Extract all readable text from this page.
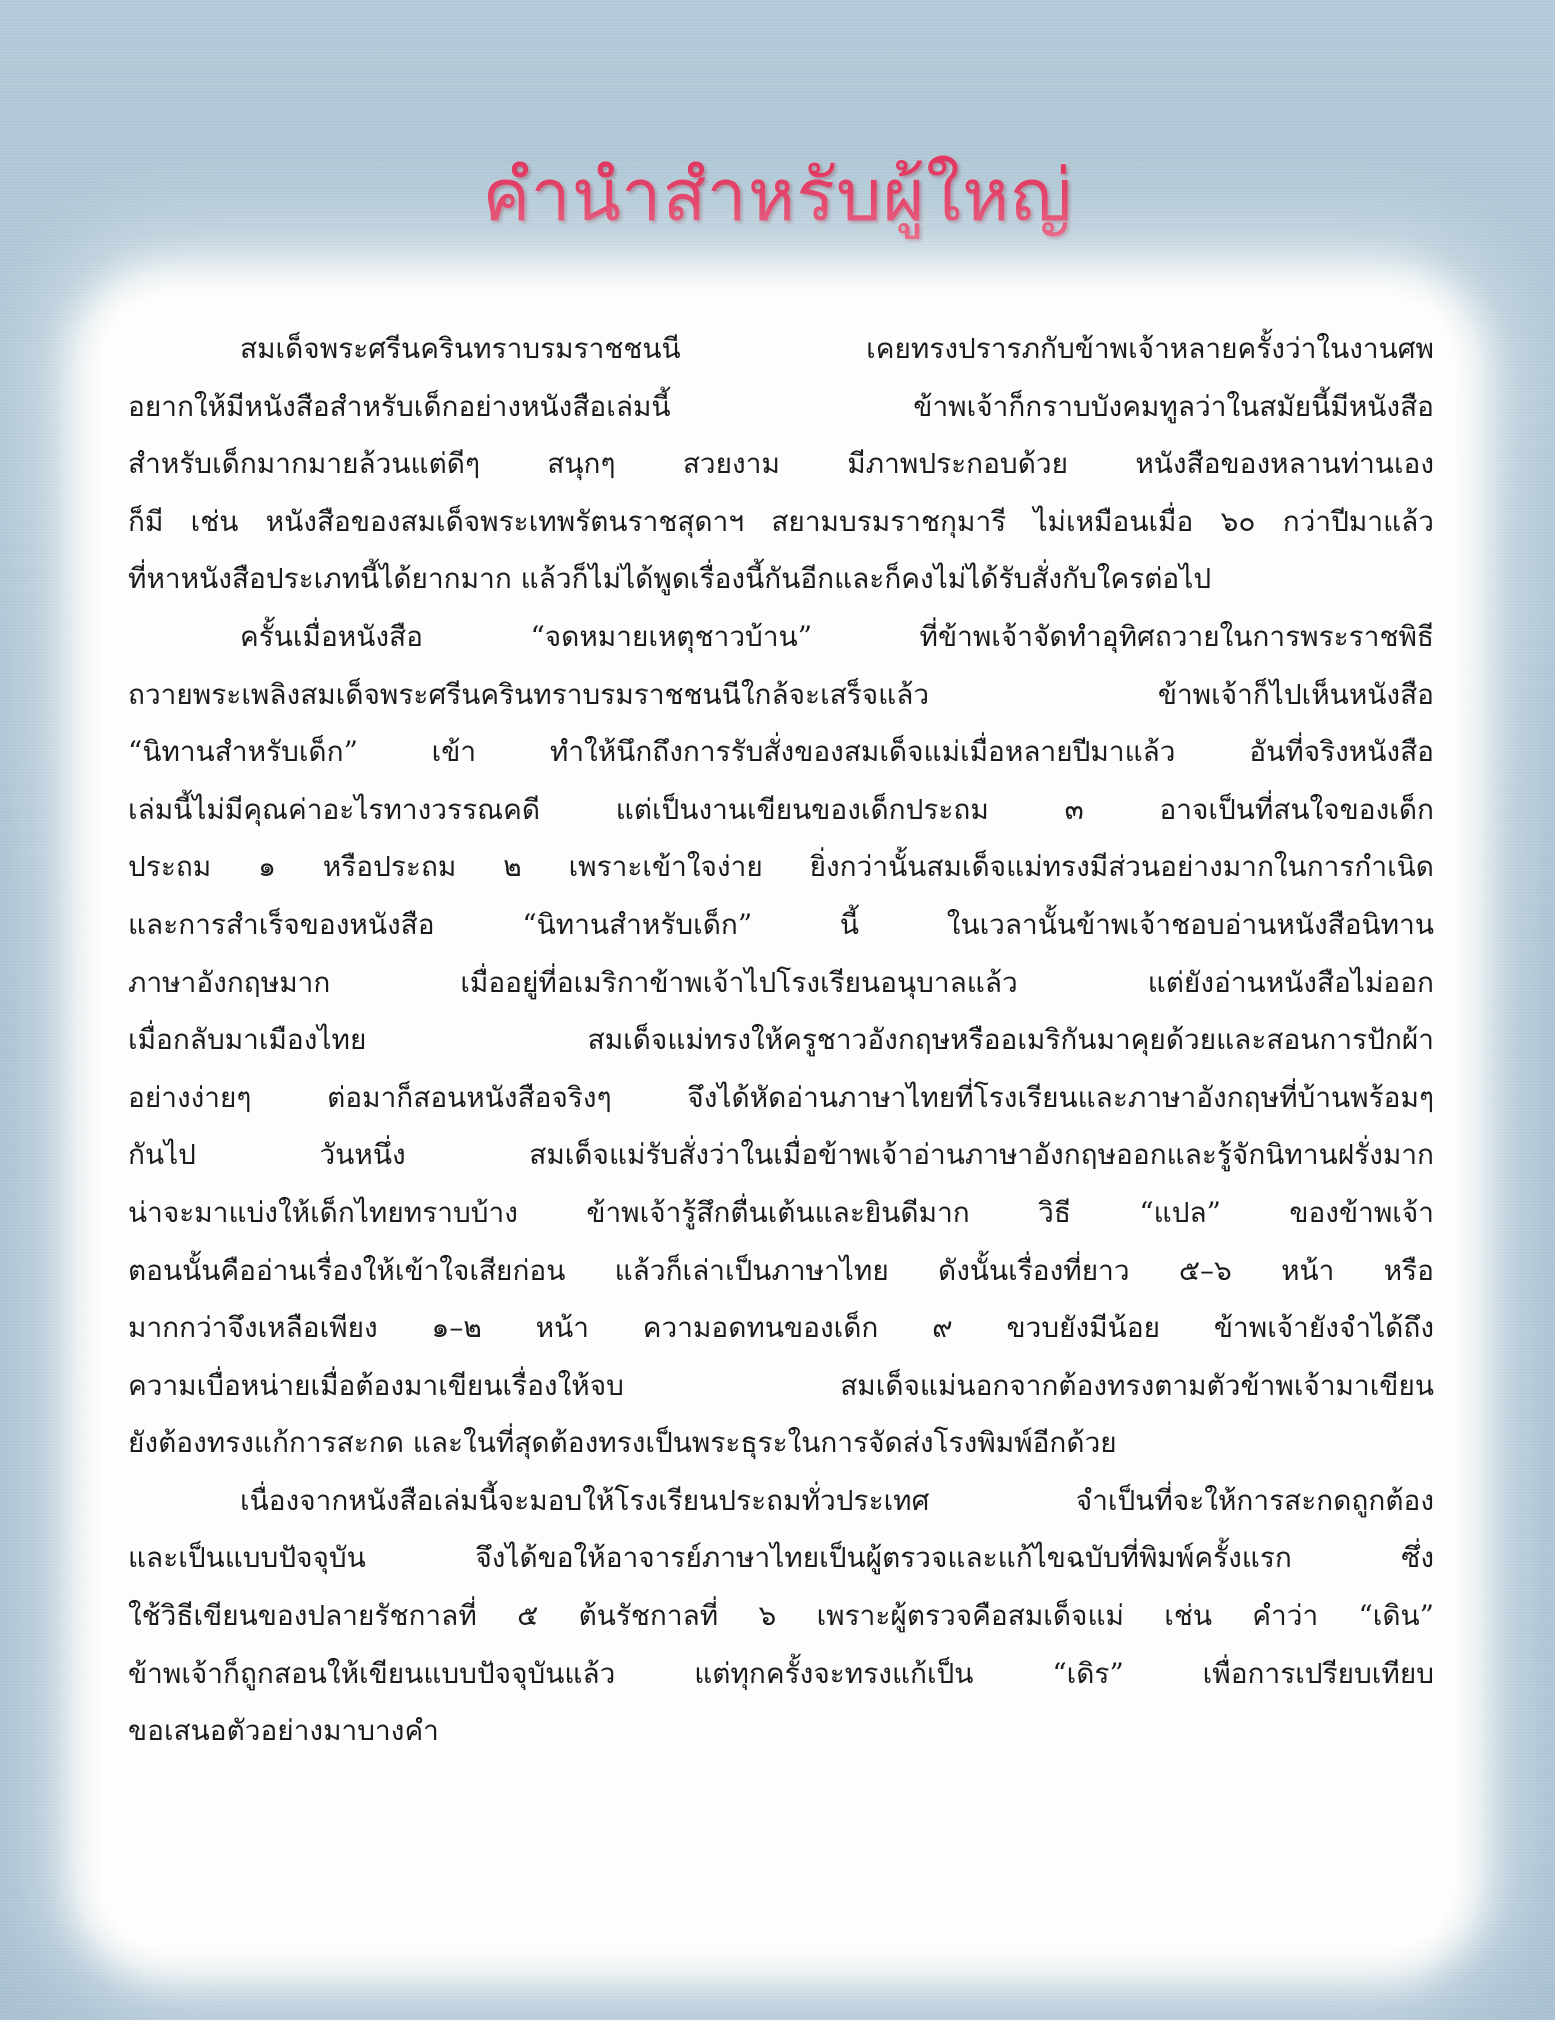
คำนำสำหรับผู้ใหญ่

สมเด็จพระศรีนครินทราบรมราชชนนี เคยทรงปรารภกับข้าพเจ้าหลายครั้งว่าในงานศพ
อยากให้มีหนังสือสำหรับเด็กอย่างหนังสือเล่มนี้ ข้าพเจ้าก็กราบบังคมทูลว่าในสมัยนี้มีหนังสือ
สำหรับเด็กมากมายล้วนแต่ดีๆ สนุกๆ สวยงาม มีภาพประกอบด้วย หนังสือของหลานท่านเอง
ก็มี เช่น หนังสือของสมเด็จพระเทพรัตนราชสุดาฯ สยามบรมราชกุมารี ไม่เหมือนเมื่อ ๖๐ กว่าปีมาแล้ว
ที่หาหนังสือประเภทนี้ได้ยากมาก แล้วก็ไม่ได้พูดเรื่องนี้กันอีกและก็คงไม่ได้รับสั่งกับใครต่อไป

ครั้นเมื่อหนังสือ “จดหมายเหตุชาวบ้าน” ที่ข้าพเจ้าจัดทำอุทิศถวายในการพระราชพิธี
ถวายพระเพลิงสมเด็จพระศรีนครินทราบรมราชชนนีใกล้จะเสร็จแล้ว ข้าพเจ้าก็ไปเห็นหนังสือ
“นิทานสำหรับเด็ก” เข้า ทำให้นึกถึงการรับสั่งของสมเด็จแม่เมื่อหลายปีมาแล้ว อันที่จริงหนังสือ
เล่มนี้ไม่มีคุณค่าอะไรทางวรรณคดี แต่เป็นงานเขียนของเด็กประถม ๓ อาจเป็นที่สนใจของเด็ก
ประถม ๑ หรือประถม ๒ เพราะเข้าใจง่าย ยิ่งกว่านั้นสมเด็จแม่ทรงมีส่วนอย่างมากในการกำเนิด
และการสำเร็จของหนังสือ “นิทานสำหรับเด็ก” นี้ ในเวลานั้นข้าพเจ้าชอบอ่านหนังสือนิทาน
ภาษาอังกฤษมาก เมื่ออยู่ที่อเมริกาข้าพเจ้าไปโรงเรียนอนุบาลแล้ว แต่ยังอ่านหนังสือไม่ออก
เมื่อกลับมาเมืองไทย สมเด็จแม่ทรงให้ครูชาวอังกฤษหรืออเมริกันมาคุยด้วยและสอนการปักผ้า
อย่างง่ายๆ ต่อมาก็สอนหนังสือจริงๆ จึงได้หัดอ่านภาษาไทยที่โรงเรียนและภาษาอังกฤษที่บ้านพร้อมๆ
กันไป วันหนึ่ง สมเด็จแม่รับสั่งว่าในเมื่อข้าพเจ้าอ่านภาษาอังกฤษออกและรู้จักนิทานฝรั่งมาก
น่าจะมาแบ่งให้เด็กไทยทราบบ้าง ข้าพเจ้ารู้สึกตื่นเต้นและยินดีมาก วิธี “แปล” ของข้าพเจ้า
ตอนนั้นคืออ่านเรื่องให้เข้าใจเสียก่อน แล้วก็เล่าเป็นภาษาไทย ดังนั้นเรื่องที่ยาว ๕–๖ หน้า หรือ
มากกว่าจึงเหลือเพียง ๑–๒ หน้า ความอดทนของเด็ก ๙ ขวบยังมีน้อย ข้าพเจ้ายังจำได้ถึง
ความเบื่อหน่ายเมื่อต้องมาเขียนเรื่องให้จบ สมเด็จแม่นอกจากต้องทรงตามตัวข้าพเจ้ามาเขียน
ยังต้องทรงแก้การสะกด และในที่สุดต้องทรงเป็นพระธุระในการจัดส่งโรงพิมพ์อีกด้วย

เนื่องจากหนังสือเล่มนี้จะมอบให้โรงเรียนประถมทั่วประเทศ จำเป็นที่จะให้การสะกดถูกต้อง
และเป็นแบบปัจจุบัน จึงได้ขอให้อาจารย์ภาษาไทยเป็นผู้ตรวจและแก้ไขฉบับที่พิมพ์ครั้งแรก ซึ่ง
ใช้วิธีเขียนของปลายรัชกาลที่ ๕ ต้นรัชกาลที่ ๖ เพราะผู้ตรวจคือสมเด็จแม่ เช่น คำว่า “เดิน”
ข้าพเจ้าก็ถูกสอนให้เขียนแบบปัจจุบันแล้ว แต่ทุกครั้งจะทรงแก้เป็น “เดิร” เพื่อการเปรียบเทียบ
ขอเสนอตัวอย่างมาบางคำ
